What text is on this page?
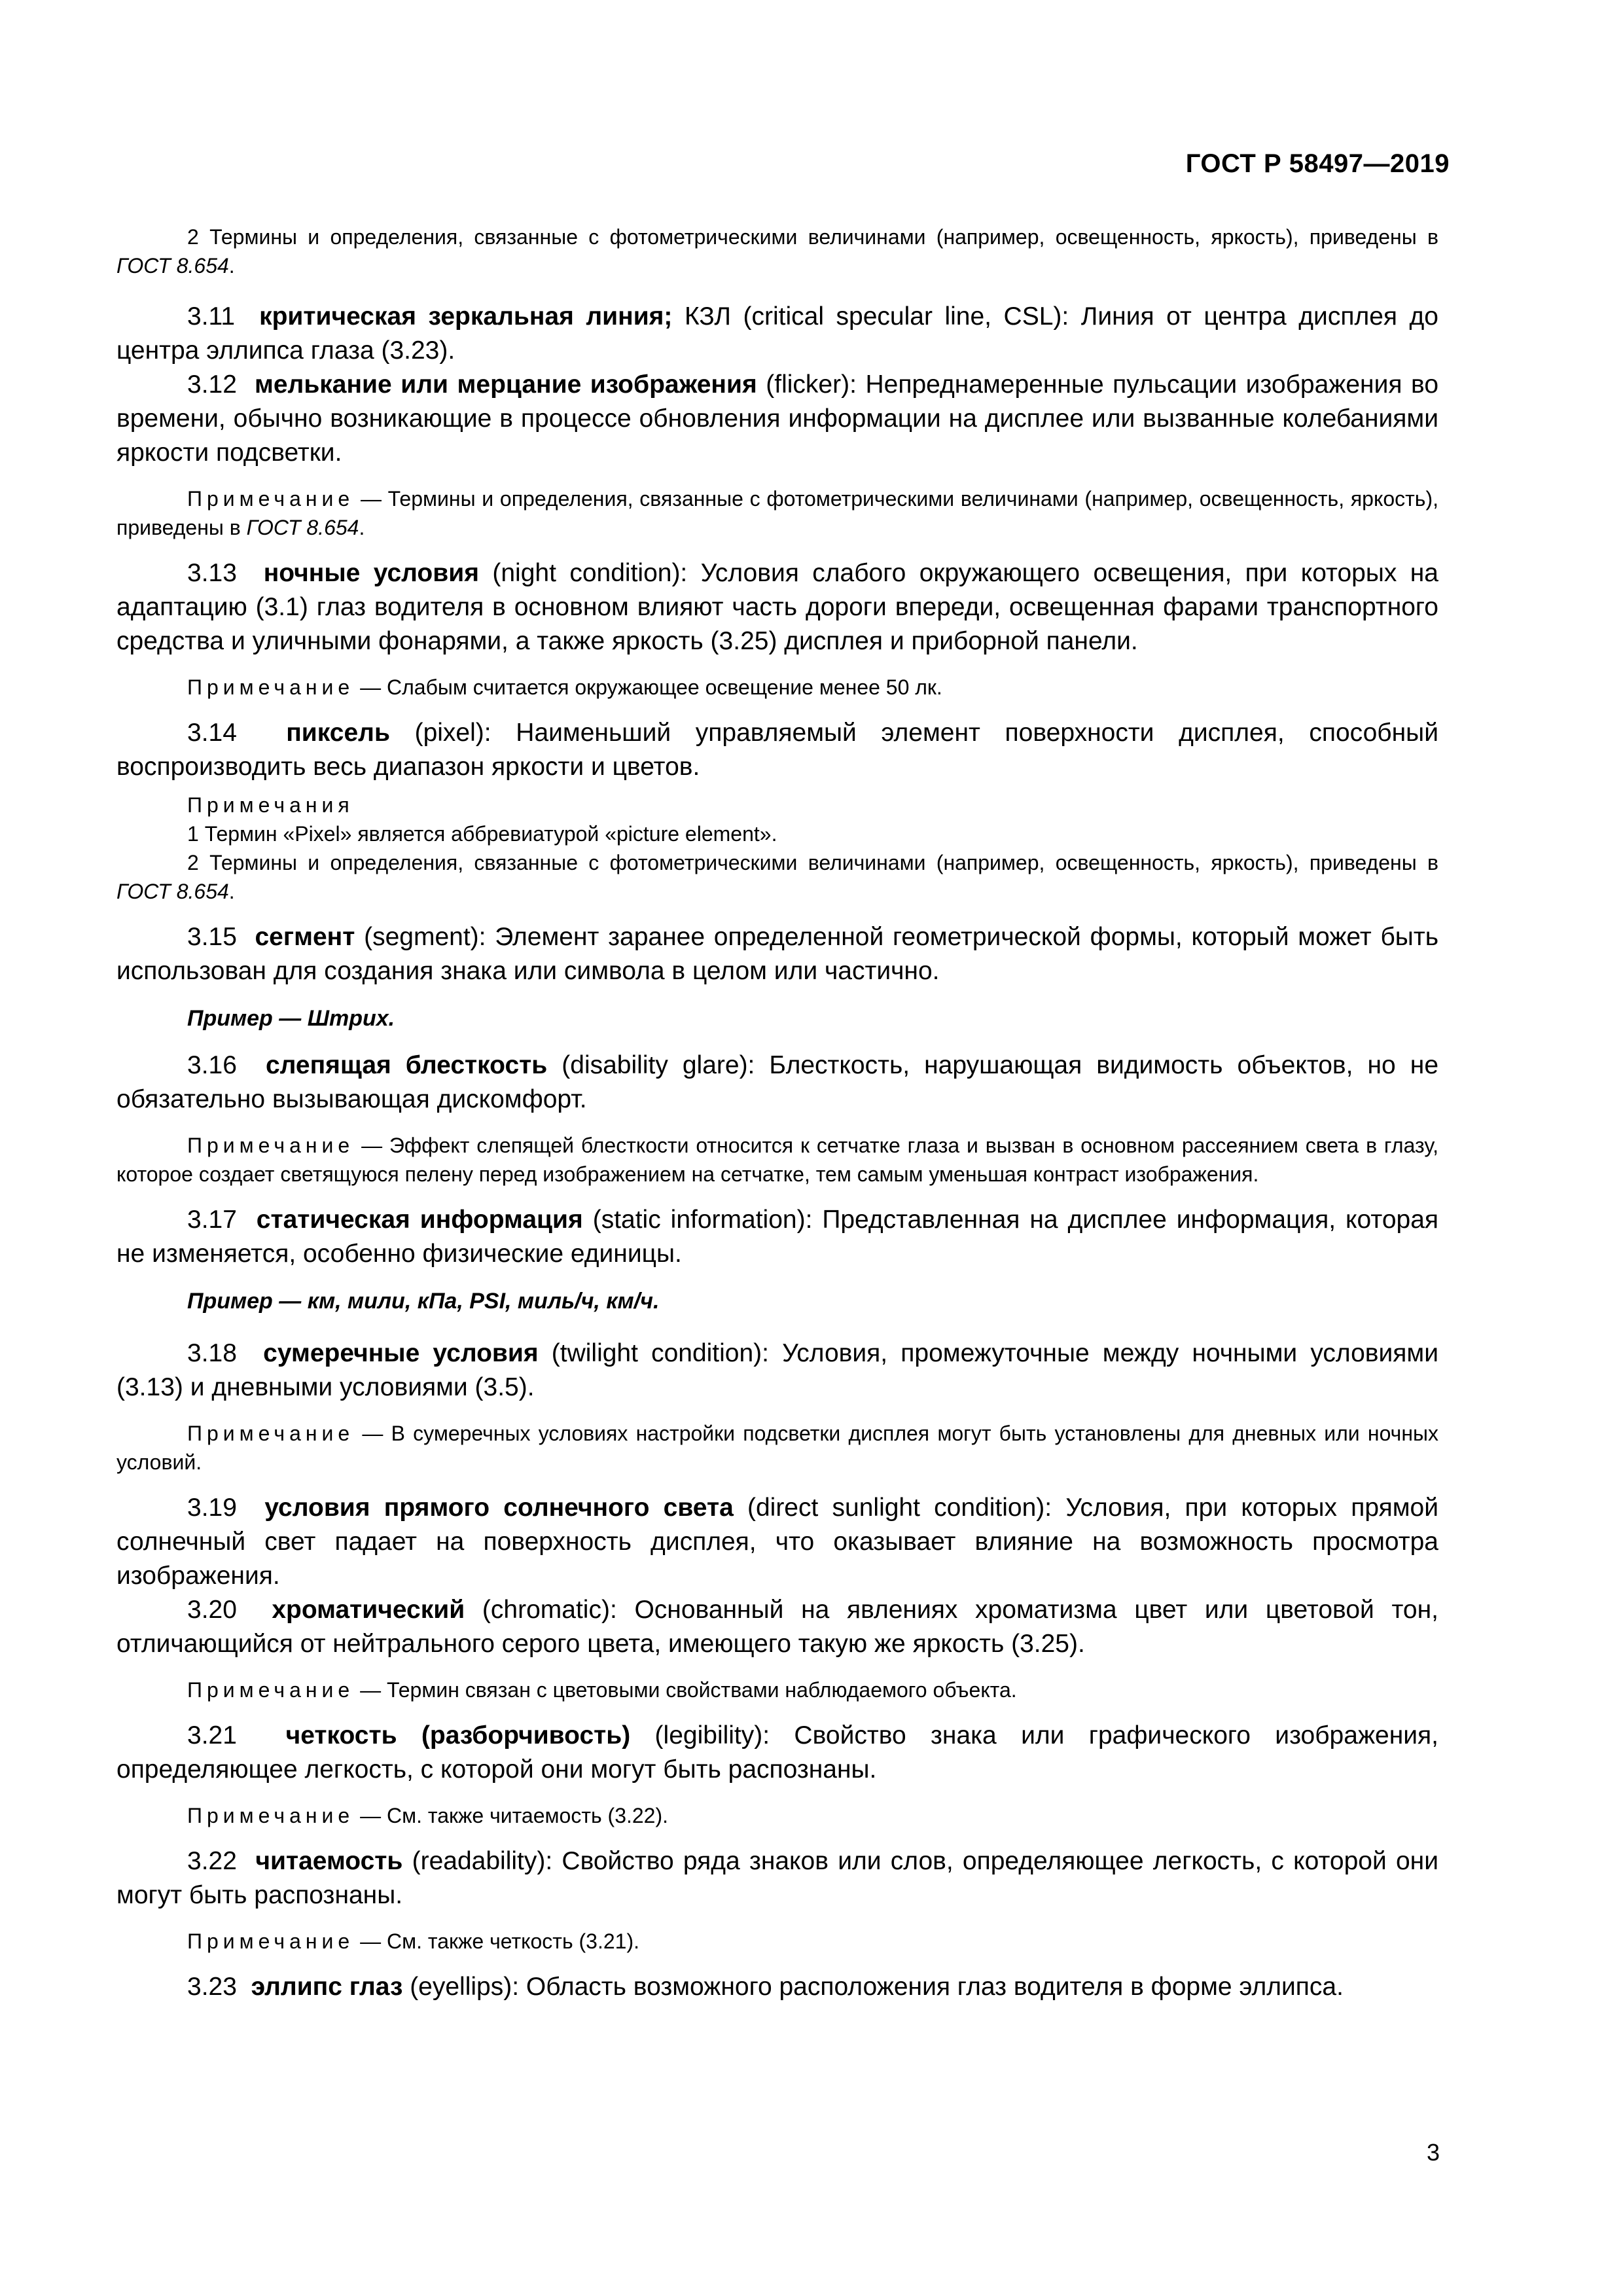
ГОСТ Р 58497—2019

2 Термины и определения, связанные с фотометрическими величинами (например, освещенность, яркость), приведены в ГОСТ 8.654.

3.11 критическая зеркальная линия; КЗЛ (critical specular line, CSL): Линия от центра дисплея до центра эллипса глаза (3.23).

3.12 мелькание или мерцание изображения (flicker): Непреднамеренные пульсации изображения во времени, обычно возникающие в процессе обновления информации на дисплее или вызванные колебаниями яркости подсветки.

Примечание — Термины и определения, связанные с фотометрическими величинами (например, освещенность, яркость), приведены в ГОСТ 8.654.

3.13 ночные условия (night condition): Условия слабого окружающего освещения, при которых на адаптацию (3.1) глаз водителя в основном влияют часть дороги впереди, освещенная фарами транспортного средства и уличными фонарями, а также яркость (3.25) дисплея и приборной панели.

Примечание — Слабым считается окружающее освещение менее 50 лк.

3.14 пиксель (pixel): Наименьший управляемый элемент поверхности дисплея, способный воспроизводить весь диапазон яркости и цветов.

Примечания

1 Термин «Pixel» является аббревиатурой «picture element».

2 Термины и определения, связанные с фотометрическими величинами (например, освещенность, яркость), приведены в ГОСТ 8.654.

3.15 сегмент (segment): Элемент заранее определенной геометрической формы, который может быть использован для создания знака или символа в целом или частично.

Пример — Штрих.

3.16 слепящая блесткость (disability glare): Блесткость, нарушающая видимость объектов, но не обязательно вызывающая дискомфорт.

Примечание — Эффект слепящей блесткости относится к сетчатке глаза и вызван в основном рассеянием света в глазу, которое создает светящуюся пелену перед изображением на сетчатке, тем самым уменьшая контраст изображения.

3.17 статическая информация (static information): Представленная на дисплее информация, которая не изменяется, особенно физические единицы.

Пример — км, мили, кПа, PSI, миль/ч, км/ч.

3.18 сумеречные условия (twilight condition): Условия, промежуточные между ночными условиями (3.13) и дневными условиями (3.5).

Примечание — В сумеречных условиях настройки подсветки дисплея могут быть установлены для дневных или ночных условий.

3.19 условия прямого солнечного света (direct sunlight condition): Условия, при которых прямой солнечный свет падает на поверхность дисплея, что оказывает влияние на возможность просмотра изображения.

3.20 хроматический (chromatic): Основанный на явлениях хроматизма цвет или цветовой тон, отличающийся от нейтрального серого цвета, имеющего такую же яркость (3.25).

Примечание — Термин связан с цветовыми свойствами наблюдаемого объекта.

3.21 четкость (разборчивость) (legibility): Свойство знака или графического изображения, определяющее легкость, с которой они могут быть распознаны.

Примечание — См. также читаемость (3.22).

3.22 читаемость (readability): Свойство ряда знаков или слов, определяющее легкость, с которой они могут быть распознаны.

Примечание — См. также четкость (3.21).

3.23 эллипс глаз (eyellips): Область возможного расположения глаз водителя в форме эллипса.

3
